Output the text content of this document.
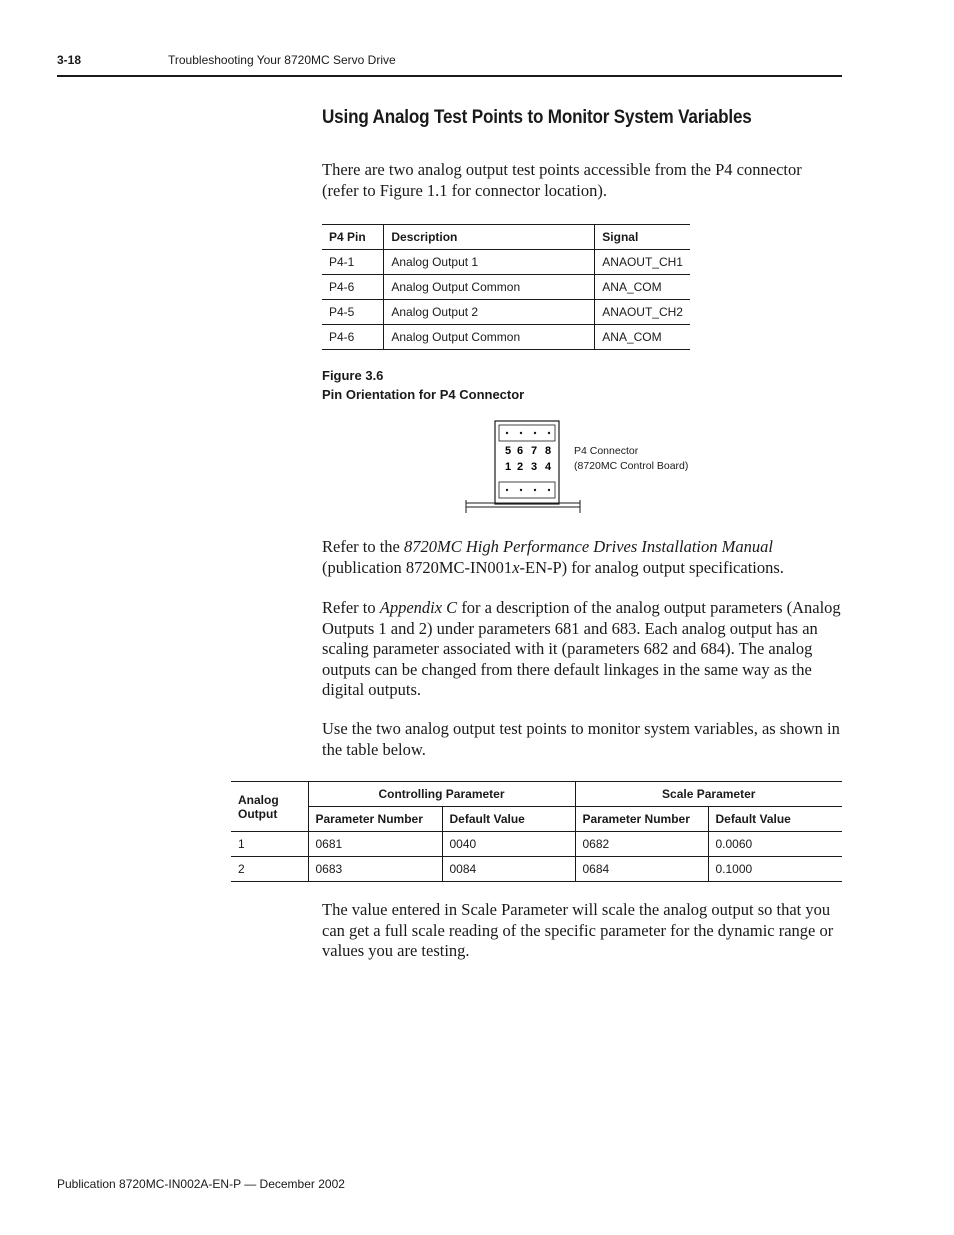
3-18	Troubleshooting Your 8720MC Servo Drive
Using Analog Test Points to Monitor System Variables

There are two analog output test points accessible from the P4 connector (refer to Figure 1.1 for connector location).

P4 Pin	Description	Signal
P4-1	Analog Output 1	ANAOUT_CH1
P4-6	Analog Output Common	ANA_COM
P4-5	Analog Output 2	ANAOUT_CH2
P4-6	Analog Output Common	ANA_COM
Figure 3.6
Pin Orientation for P4 Connector
5 6 7 8
1 2 3 4
P4 Connector
(8720MC Control Board)

Refer to the 8720MC High Performance Drives Installation Manual
(publication 8720MC-IN001x-EN-P) for analog output specifications.

Refer to Appendix C for a description of the analog output parameters (Analog Outputs 1 and 2) under parameters 681 and 683. Each analog output has an scaling parameter associated with it (parameters 682 and 684). The analog outputs can be changed from there default linkages in the same way as the digital outputs.

Use the two analog output test points to monitor system variables, as shown in the table below.

Analog Output	Controlling Parameter		Scale Parameter	
	Parameter Number	Default Value	Parameter Number	Default Value
1	0681	0040	0682	0.0060
2	0683	0084	0684	0.1000

The value entered in Scale Parameter will scale the analog output so that you can get a full scale reading of the specific parameter for the dynamic range or values you are testing.

Publication 8720MC-IN002A-EN-P — December 2002
